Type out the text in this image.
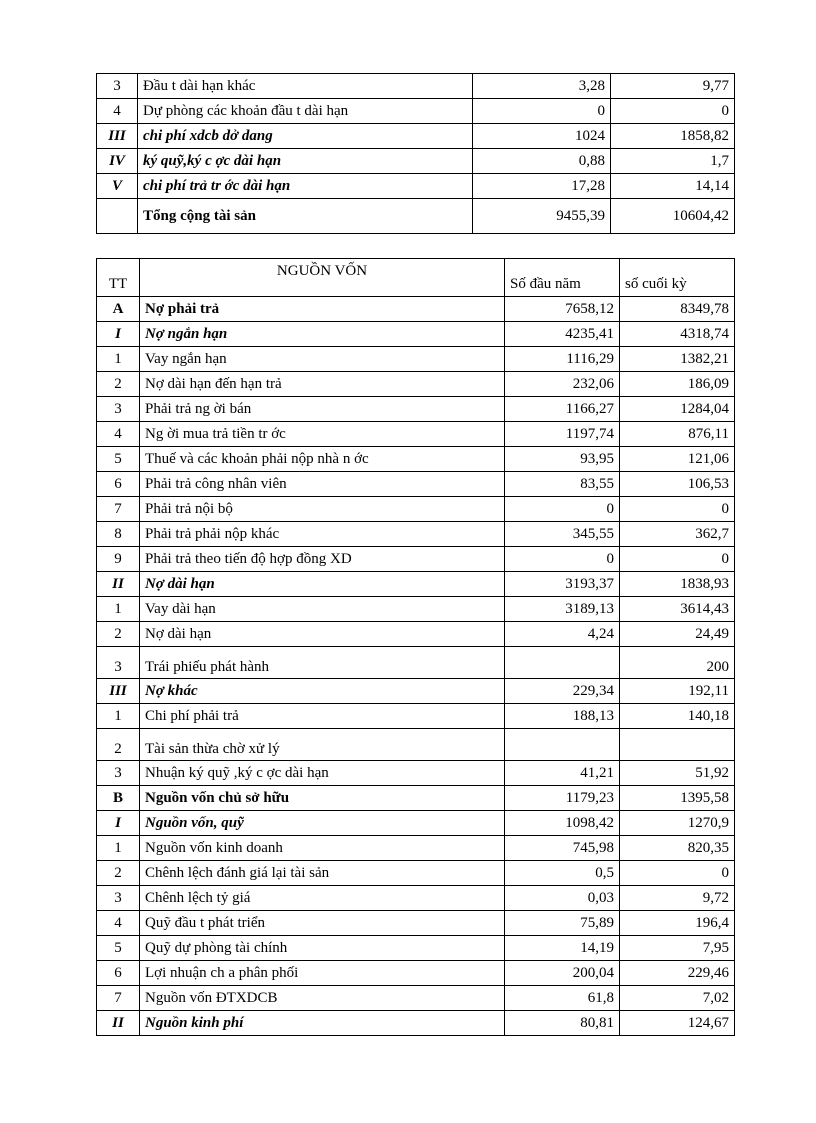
3	Đầu t dài hạn khác	3,28	9,77
4	Dự phòng các khoản đầu t dài hạn	0	0
III	chi phí xdcb dở dang	1024	1858,82
IV	ký quỹ,ký c ợc dài hạn	0,88	1,7
V	chi phí trả tr ớc dài hạn	17,28	14,14
	Tổng cộng tài sản	9455,39	10604,42
TT	NGUỒN VỐN	Số đầu năm	số cuối kỳ
A	Nợ phải trả	7658,12	8349,78
I	Nợ ngắn hạn	4235,41	4318,74
1	Vay ngắn hạn	1116,29	1382,21
2	Nợ dài hạn đến hạn trả	232,06	186,09
3	Phải trả ng ời bán	1166,27	1284,04
4	Ng ời mua trả tiền tr ớc	1197,74	876,11
5	Thuế và các khoản phải nộp nhà n ớc	93,95	121,06
6	Phải trả công nhân viên	83,55	106,53
7	Phải trả nội bộ	0	0
8	Phải trả phải nộp khác	345,55	362,7
9	Phải trả theo tiến độ hợp đồng XD	0	0
II	Nợ dài hạn	3193,37	1838,93
1	Vay dài hạn	3189,13	3614,43
2	Nợ dài hạn	4,24	24,49
3	Trái phiếu phát hành		200
III	Nợ khác	229,34	192,11
1	Chi phí phải trả	188,13	140,18
2	Tài sản thừa chờ xử lý		
3	Nhuận ký quỹ ,ký c ợc dài hạn	41,21	51,92
B	Nguồn vốn chủ sở hữu	1179,23	1395,58
I	Nguồn vốn, quỹ	1098,42	1270,9
1	Nguồn vốn kinh doanh	745,98	820,35
2	Chênh lệch đánh giá lại tài sản	0,5	0
3	Chênh lệch tỷ giá	0,03	9,72
4	Quỹ đầu t phát triển	75,89	196,4
5	Quỹ dự phòng tài chính	14,19	7,95
6	Lợi nhuận ch a phân phối	200,04	229,46
7	Nguồn vốn ĐTXDCB	61,8	7,02
II	Nguồn kinh phí	80,81	124,67
